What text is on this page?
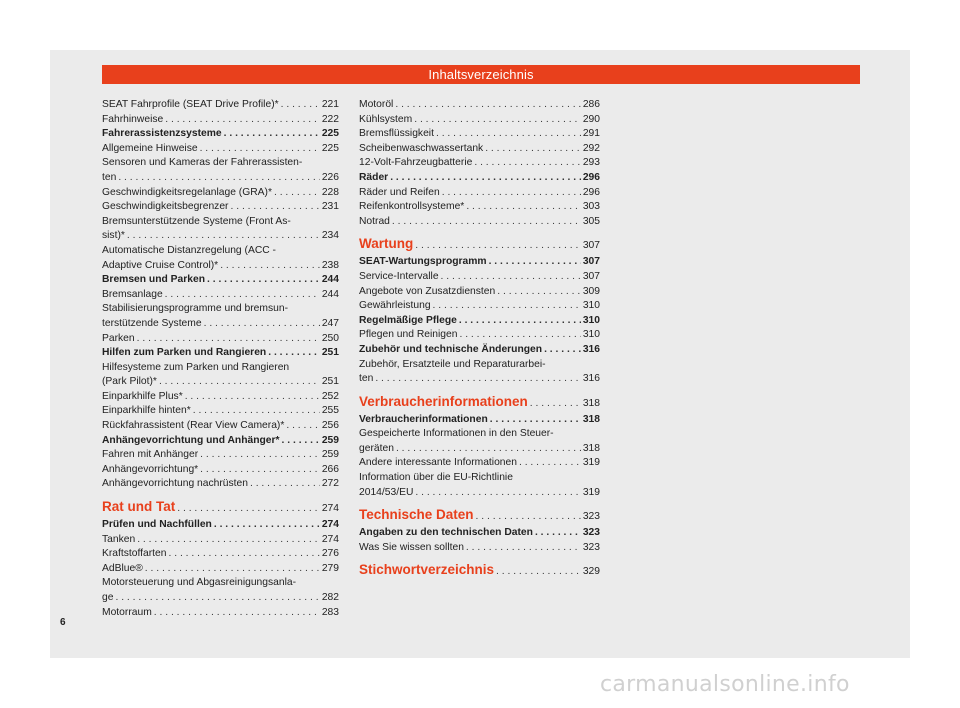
Inhaltsverzeichnis
SEAT Fahrprofile (SEAT Drive Profile)* . . .	221
Fahrhinweise . . .	222
Fahrerassistenzsysteme . . .	225
Allgemeine Hinweise . . .	225
Sensoren und Kameras der Fahrerassisten-
ten . . .	226
Geschwindigkeitsregelanlage (GRA)* . . .	228
Geschwindigkeitsbegrenzer . . .	231
Bremsunterstützende Systeme (Front As-
sist)* . . .	234
Automatische Distanzregelung (ACC -
Adaptive Cruise Control)* . . .	238
Bremsen und Parken . . .	244
Bremsanlage . . .	244
Stabilisierungsprogramme und bremsun-
terstützende Systeme . . .	247
Parken . . .	250
Hilfen zum Parken und Rangieren . . .	251
Hilfesysteme zum Parken und Rangieren
(Park Pilot)* . . .	251
Einparkhilfe Plus* . . .	252
Einparkhilfe hinten* . . .	255
Rückfahrassistent (Rear View Camera)* . . .	256
Anhängevorrichtung und Anhänger* . . .	259
Fahren mit Anhänger . . .	259
Anhängevorrichtung* . . .	266
Anhängevorrichtung nachrüsten . . .	272
Rat und Tat . . .	274
Prüfen und Nachfüllen . . .	274
Tanken . . .	274
Kraftstoffarten . . .	276
AdBlue® . . .	279
Motorsteuerung und Abgasreinigungsanla-
ge . . .	282
Motorraum . . .	283
Motoröl . . .	286
Kühlsystem . . .	290
Bremsflüssigkeit . . .	291
Scheibenwaschwassertank . . .	292
12-Volt-Fahrzeugbatterie . . .	293
Räder . . .	296
Räder und Reifen . . .	296
Reifenkontrollsysteme* . . .	303
Notrad . . .	305
Wartung . . .	307
SEAT-Wartungsprogramm . . .	307
Service-Intervalle . . .	307
Angebote von Zusatzdiensten . . .	309
Gewährleistung . . .	310
Regelmäßige Pflege . . .	310
Pflegen und Reinigen . . .	310
Zubehör und technische Änderungen . . .	316
Zubehör, Ersatzteile und Reparaturarbei-
ten . . .	316
Verbraucherinformationen . . .	318
Verbraucherinformationen . . .	318
Gespeicherte Informationen in den Steuer-
geräten . . .	318
Andere interessante Informationen . . .	319
Information über die EU-Richtlinie
2014/53/EU . . .	319
Technische Daten . . .	323
Angaben zu den technischen Daten . . .	323
Was Sie wissen sollten . . .	323
Stichwortverzeichnis . . .	329
6
carmanualsonline.info
